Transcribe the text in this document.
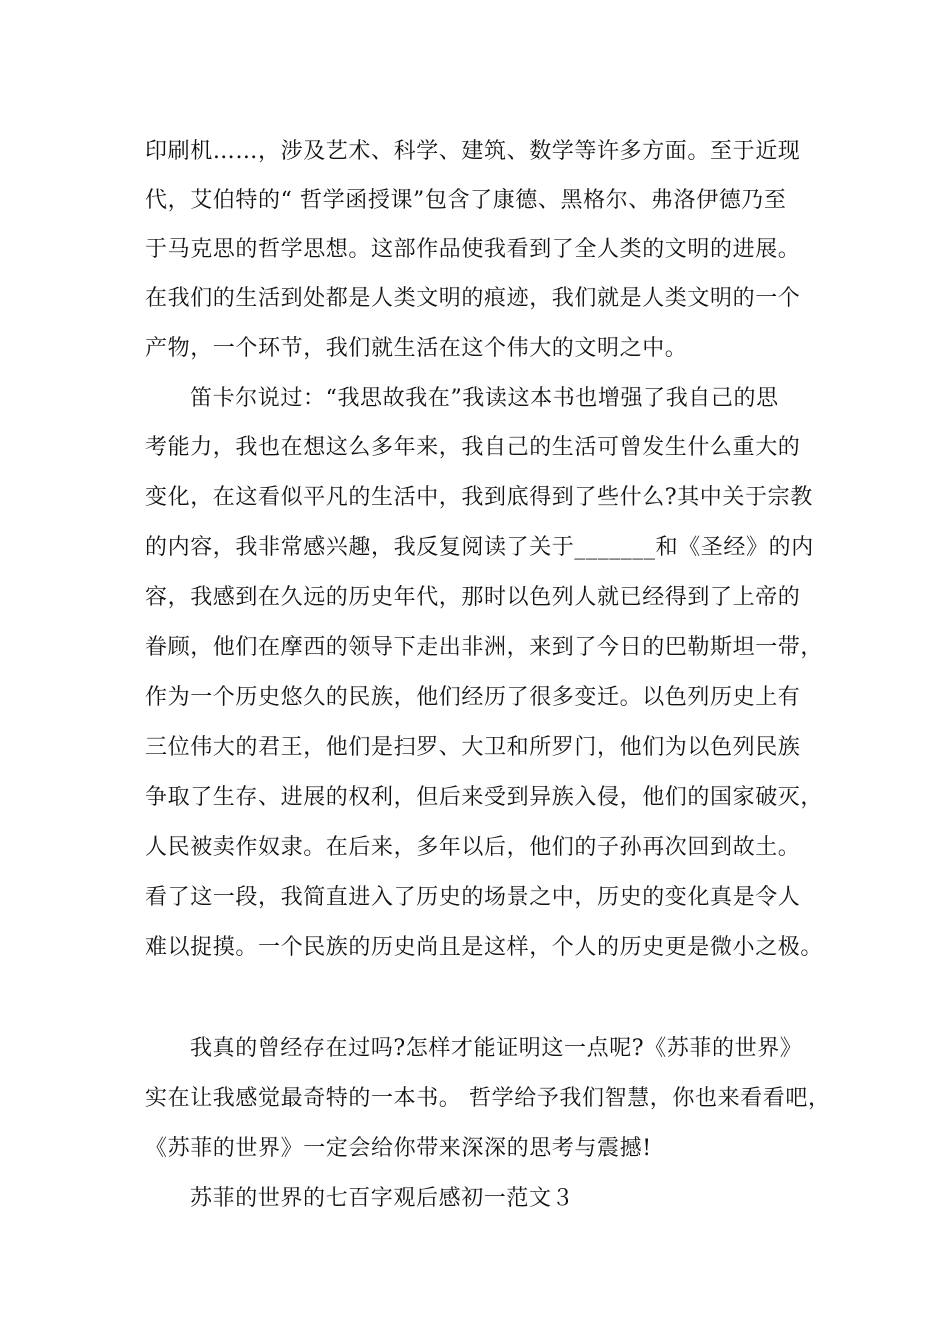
印刷机……，涉及艺术、科学、建筑、数学等许多方面。至于近现
代，艾伯特的“ 哲学函授课”包含了康德、黑格尔、弗洛伊德乃至
于马克思的哲学思想。这部作品使我看到了全人类的文明的进展。
在我们的生活到处都是人类文明的痕迹，我们就是人类文明的一个
产物，一个环节，我们就生活在这个伟大的文明之中。
笛卡尔说过：“我思故我在”我读这本书也增强了我自己的思
考能力，我也在想这么多年来，我自己的生活可曾发生什么重大的
变化，在这看似平凡的生活中，我到底得到了些什么?其中关于宗教
的内容，我非常感兴趣，我反复阅读了关于_______和《圣经》的内
容，我感到在久远的历史年代，那时以色列人就已经得到了上帝的
眷顾，他们在摩西的领导下走出非洲，来到了今日的巴勒斯坦一带，
作为一个历史悠久的民族，他们经历了很多变迁。以色列历史上有
三位伟大的君王，他们是扫罗、大卫和所罗门，他们为以色列民族
争取了生存、进展的权利，但后来受到异族入侵，他们的国家破灭，
人民被卖作奴隶。在后来，多年以后，他们的子孙再次回到故土。
看了这一段，我简直进入了历史的场景之中，历史的变化真是令人
难以捉摸。一个民族的历史尚且是这样，个人的历史更是微小之极。
我真的曾经存在过吗?怎样才能证明这一点呢?《苏菲的世界》
实在让我感觉最奇特的一本书。 哲学给予我们智慧，你也来看看吧，
《苏菲的世界》一定会给你带来深深的思考与震撼!
苏菲的世界的七百字观后感初一范文３
